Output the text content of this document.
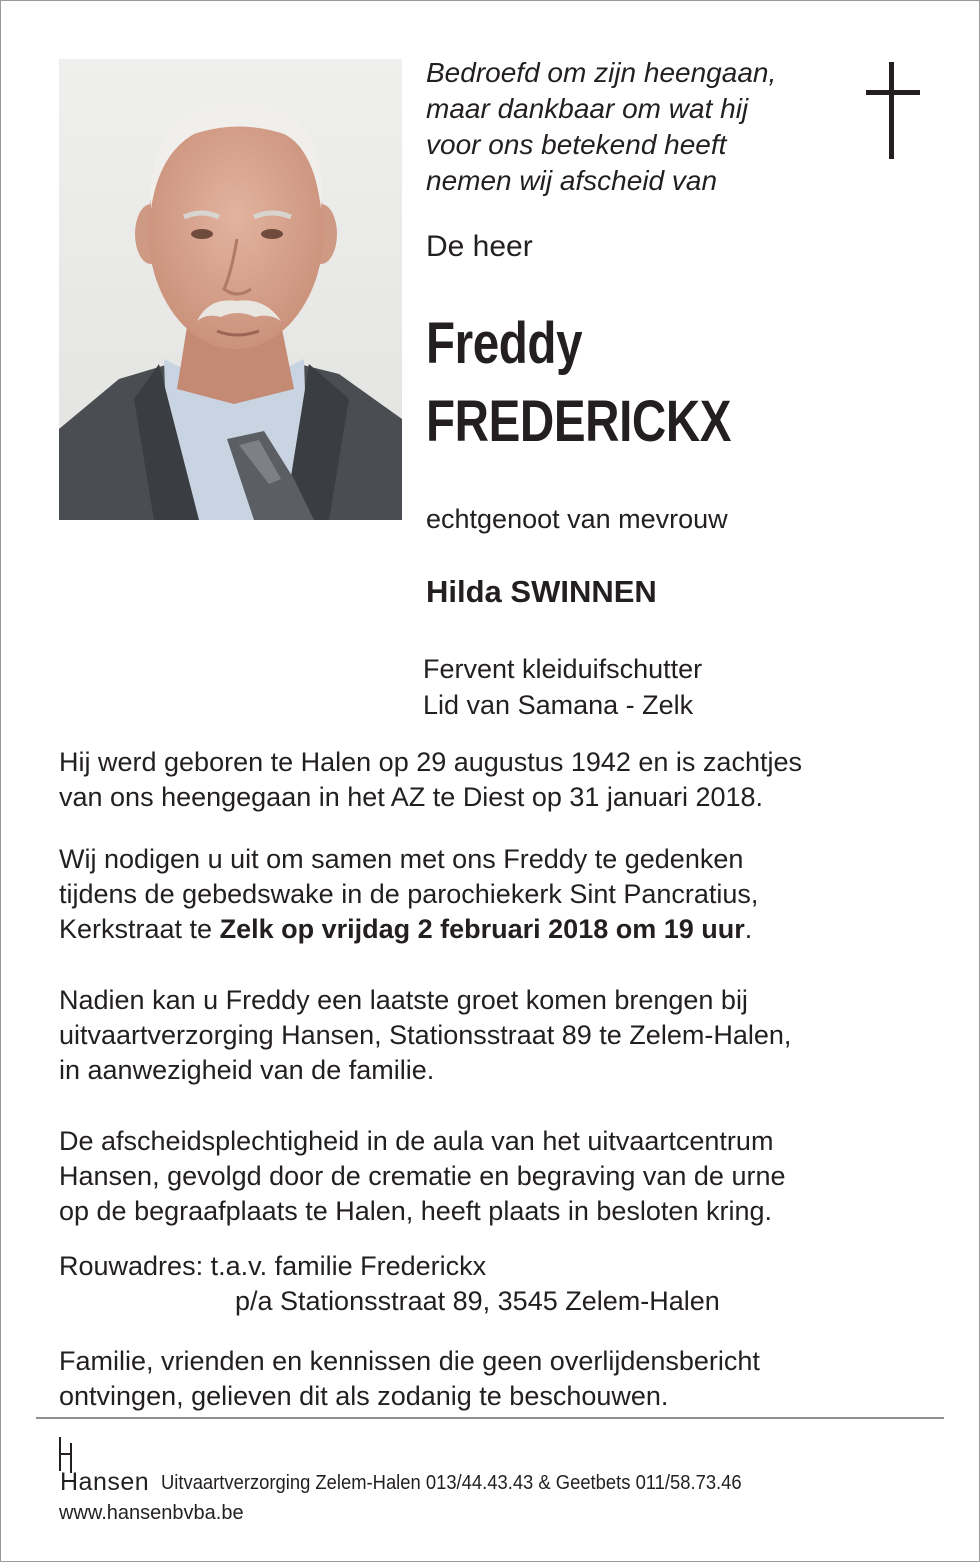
Bedroefd om zijn heengaan,
maar dankbaar om wat hij
voor ons betekend heeft
nemen wij afscheid van
De heer
Freddy
FREDERICKX
echtgenoot van mevrouw
Hilda SWINNEN
Fervent kleiduifschutter
Lid van Samana - Zelk
Hij werd geboren te Halen op 29 augustus 1942 en is zachtjes
van ons heengegaan in het AZ te Diest op 31 januari 2018.
Wij nodigen u uit om samen met ons Freddy te gedenken
tijdens de gebedswake in de parochiekerk Sint Pancratius,
Kerkstraat te Zelk op vrijdag 2 februari 2018 om 19 uur.
Nadien kan u Freddy een laatste groet komen brengen bij
uitvaartverzorging Hansen, Stationsstraat 89 te Zelem-Halen,
in aanwezigheid van de familie.
De afscheidsplechtigheid in de aula van het uitvaartcentrum
Hansen, gevolgd door de crematie en begraving van de urne
op de begraafplaats te Halen, heeft plaats in besloten kring.
Rouwadres: t.a.v. familie Frederickx
p/a Stationsstraat 89, 3545 Zelem-Halen
Familie, vrienden en kennissen die geen overlijdensbericht
ontvingen, gelieven dit als zodanig te beschouwen.
Hansen Uitvaartverzorging Zelem-Halen 013/44.43.43 & Geetbets 011/58.73.46
www.hansenbvba.be
